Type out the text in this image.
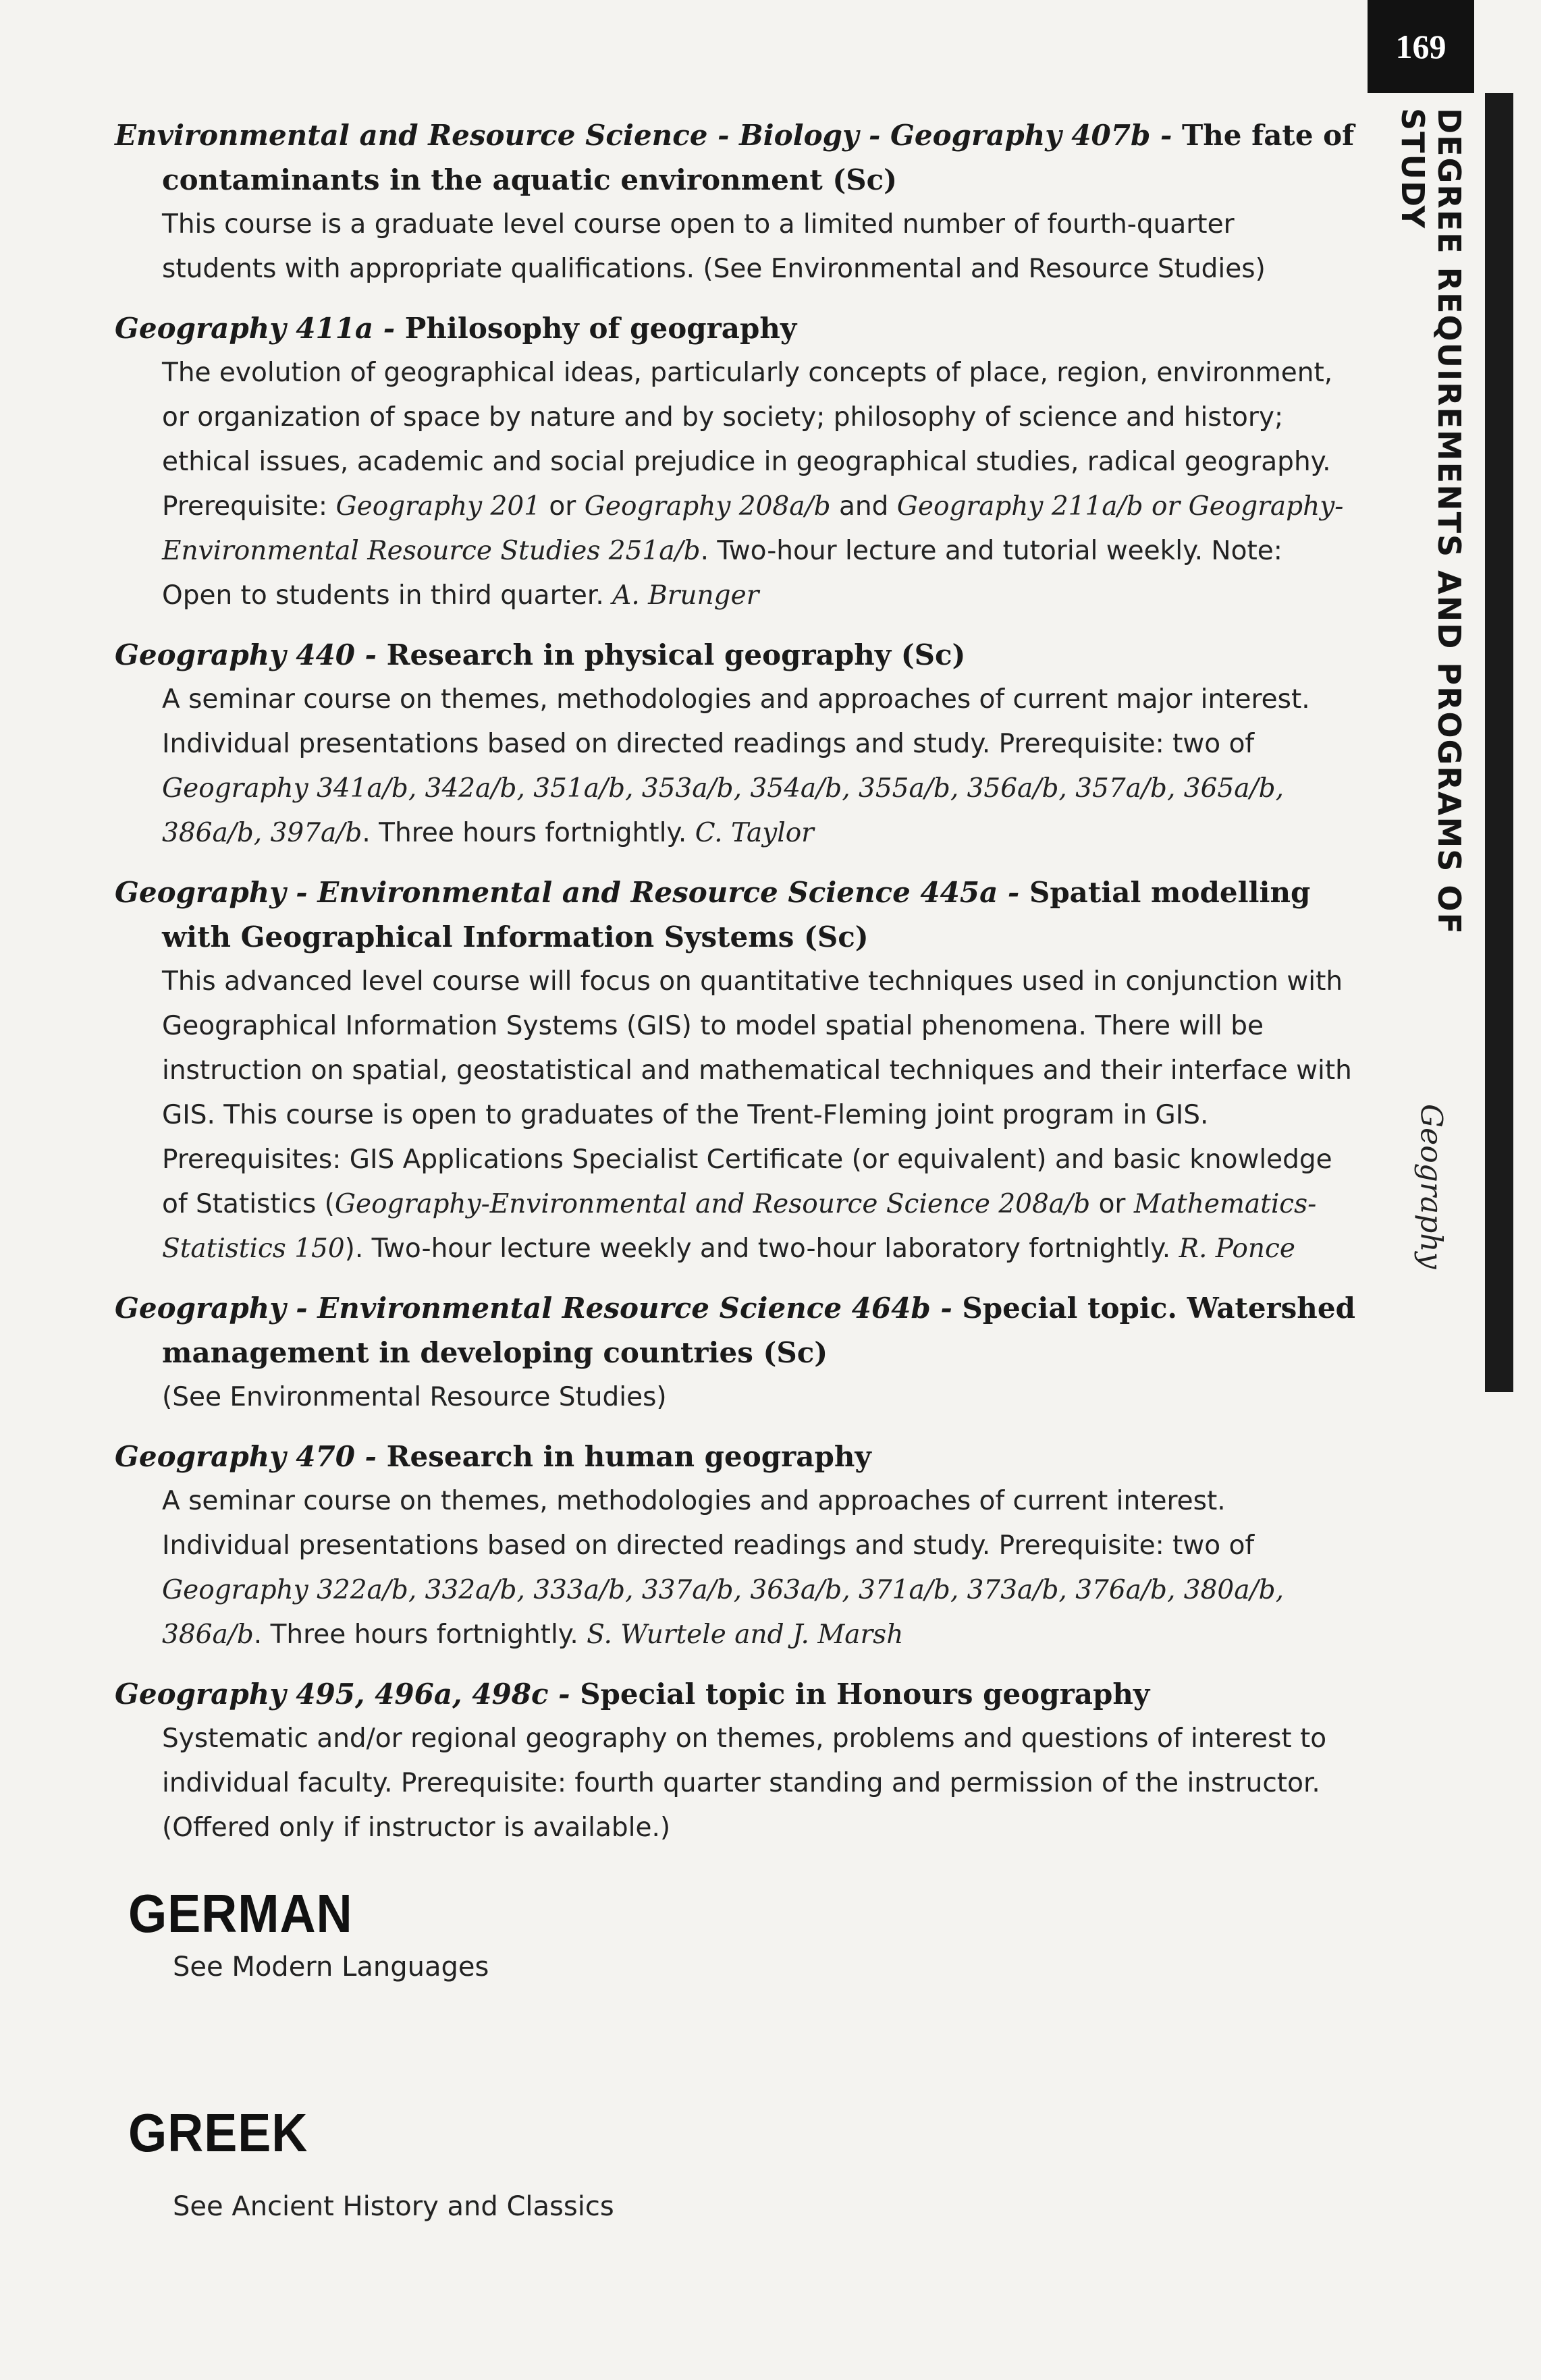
169
DEGREE REQUIREMENTS AND PROGRAMS OF STUDY
Geography
Environmental and Resource Science - Biology - Geography 407b - The fate of contaminants in the aquatic environment (Sc)
This course is a graduate level course open to a limited number of fourth-quarter students with appropriate qualifications. (See Environmental and Resource Studies)
Geography 411a - Philosophy of geography
The evolution of geographical ideas, particularly concepts of place, region, environment, or organization of space by nature and by society; philosophy of science and history; ethical issues, academic and social prejudice in geographical studies, radical geography. Prerequisite: Geography 201 or Geography 208a/b and Geography 211a/b or Geography-Environmental Resource Studies 251a/b. Two-hour lecture and tutorial weekly. Note: Open to students in third quarter. A. Brunger
Geography 440 - Research in physical geography (Sc)
A seminar course on themes, methodologies and approaches of current major interest. Individual presentations based on directed readings and study. Prerequisite: two of Geography 341a/b, 342a/b, 351a/b, 353a/b, 354a/b, 355a/b, 356a/b, 357a/b, 365a/b, 386a/b, 397a/b. Three hours fortnightly. C. Taylor
Geography - Environmental and Resource Science 445a - Spatial modelling with Geographical Information Systems (Sc)
This advanced level course will focus on quantitative techniques used in conjunction with Geographical Information Systems (GIS) to model spatial phenomena. There will be instruction on spatial, geostatistical and mathematical techniques and their interface with GIS. This course is open to graduates of the Trent-Fleming joint program in GIS. Prerequisites: GIS Applications Specialist Certificate (or equivalent) and basic knowledge of Statistics (Geography-Environmental and Resource Science 208a/b or Mathematics-Statistics 150). Two-hour lecture weekly and two-hour laboratory fortnightly. R. Ponce
Geography - Environmental Resource Science 464b - Special topic. Watershed management in developing countries (Sc)
(See Environmental Resource Studies)
Geography 470 - Research in human geography
A seminar course on themes, methodologies and approaches of current interest. Individual presentations based on directed readings and study. Prerequisite: two of Geography 322a/b, 332a/b, 333a/b, 337a/b, 363a/b, 371a/b, 373a/b, 376a/b, 380a/b, 386a/b. Three hours fortnightly. S. Wurtele and J. Marsh
Geography 495, 496a, 498c - Special topic in Honours geography
Systematic and/or regional geography on themes, problems and questions of interest to individual faculty. Prerequisite: fourth quarter standing and permission of the instructor. (Offered only if instructor is available.)
GERMAN
See Modern Languages
GREEK
See Ancient History and Classics
